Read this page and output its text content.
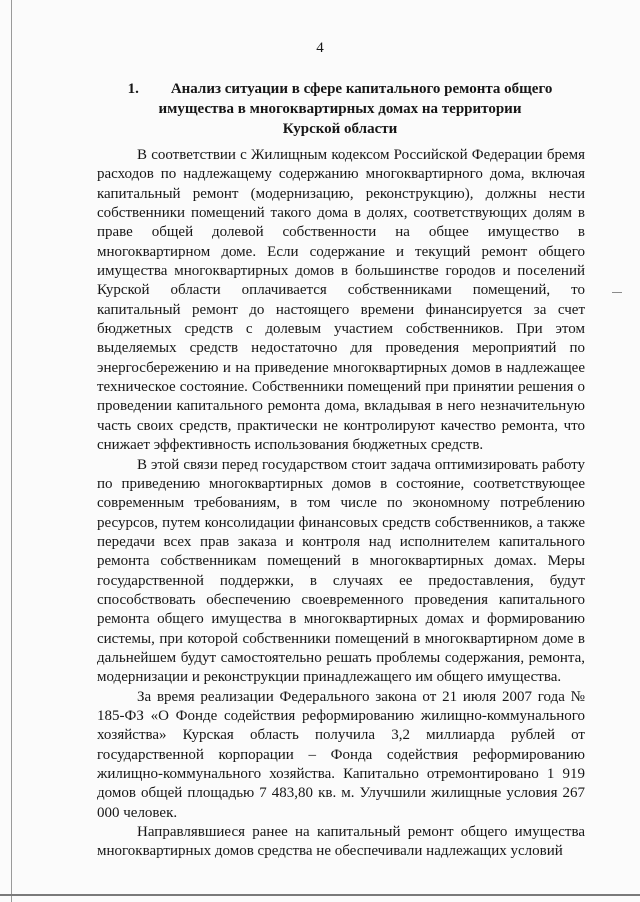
4
1. Анализ ситуации в сфере капитального ремонта общего
имущества в многоквартирных домах на территории
Курской области

В соответствии с Жилищным кодексом Российской Федерации бремя расходов по надлежащему содержанию многоквартирного дома, включая капитальный ремонт (модернизацию, реконструкцию), должны нести собственники помещений такого дома в долях, соответствующих долям в праве общей долевой собственности на общее имущество в многоквартирном доме. Если содержание и текущий ремонт общего имущества многоквартирных домов в большинстве городов и поселений Курской области оплачивается собственниками помещений, то капитальный ремонт до настоящего времени финансируется за счет бюджетных средств с долевым участием собственников. При этом выделяемых средств недостаточно для проведения мероприятий по энергосбережению и на приведение многоквартирных домов в надлежащее техническое состояние. Собственники помещений при принятии решения о проведении капитального ремонта дома, вкладывая в него незначительную часть своих средств, практически не контролируют качество ремонта, что снижает эффективность использования бюджетных средств.

В этой связи перед государством стоит задача оптимизировать работу по приведению многоквартирных домов в состояние, соответствующее современным требованиям, в том числе по экономному потреблению ресурсов, путем консолидации финансовых средств собственников, а также передачи всех прав заказа и контроля над исполнителем капитального ремонта собственникам помещений в многоквартирных домах. Меры государственной поддержки, в случаях ее предоставления, будут способствовать обеспечению своевременного проведения капитального ремонта общего имущества в многоквартирных домах и формированию системы, при которой собственники помещений в многоквартирном доме в дальнейшем будут самостоятельно решать проблемы содержания, ремонта, модернизации и реконструкции принадлежащего им общего имущества.

За время реализации Федерального закона от 21 июля 2007 года № 185-ФЗ «О Фонде содействия реформированию жилищно-коммунального хозяйства» Курская область получила 3,2 миллиарда рублей от государственной корпорации – Фонда содействия реформированию жилищно-коммунального хозяйства. Капитально отремонтировано 1 919 домов общей площадью 7 483,80 кв. м. Улучшили жилищные условия 267 000 человек.

Направлявшиеся ранее на капитальный ремонт общего имущества многоквартирных домов средства не обеспечивали надлежащих условий
